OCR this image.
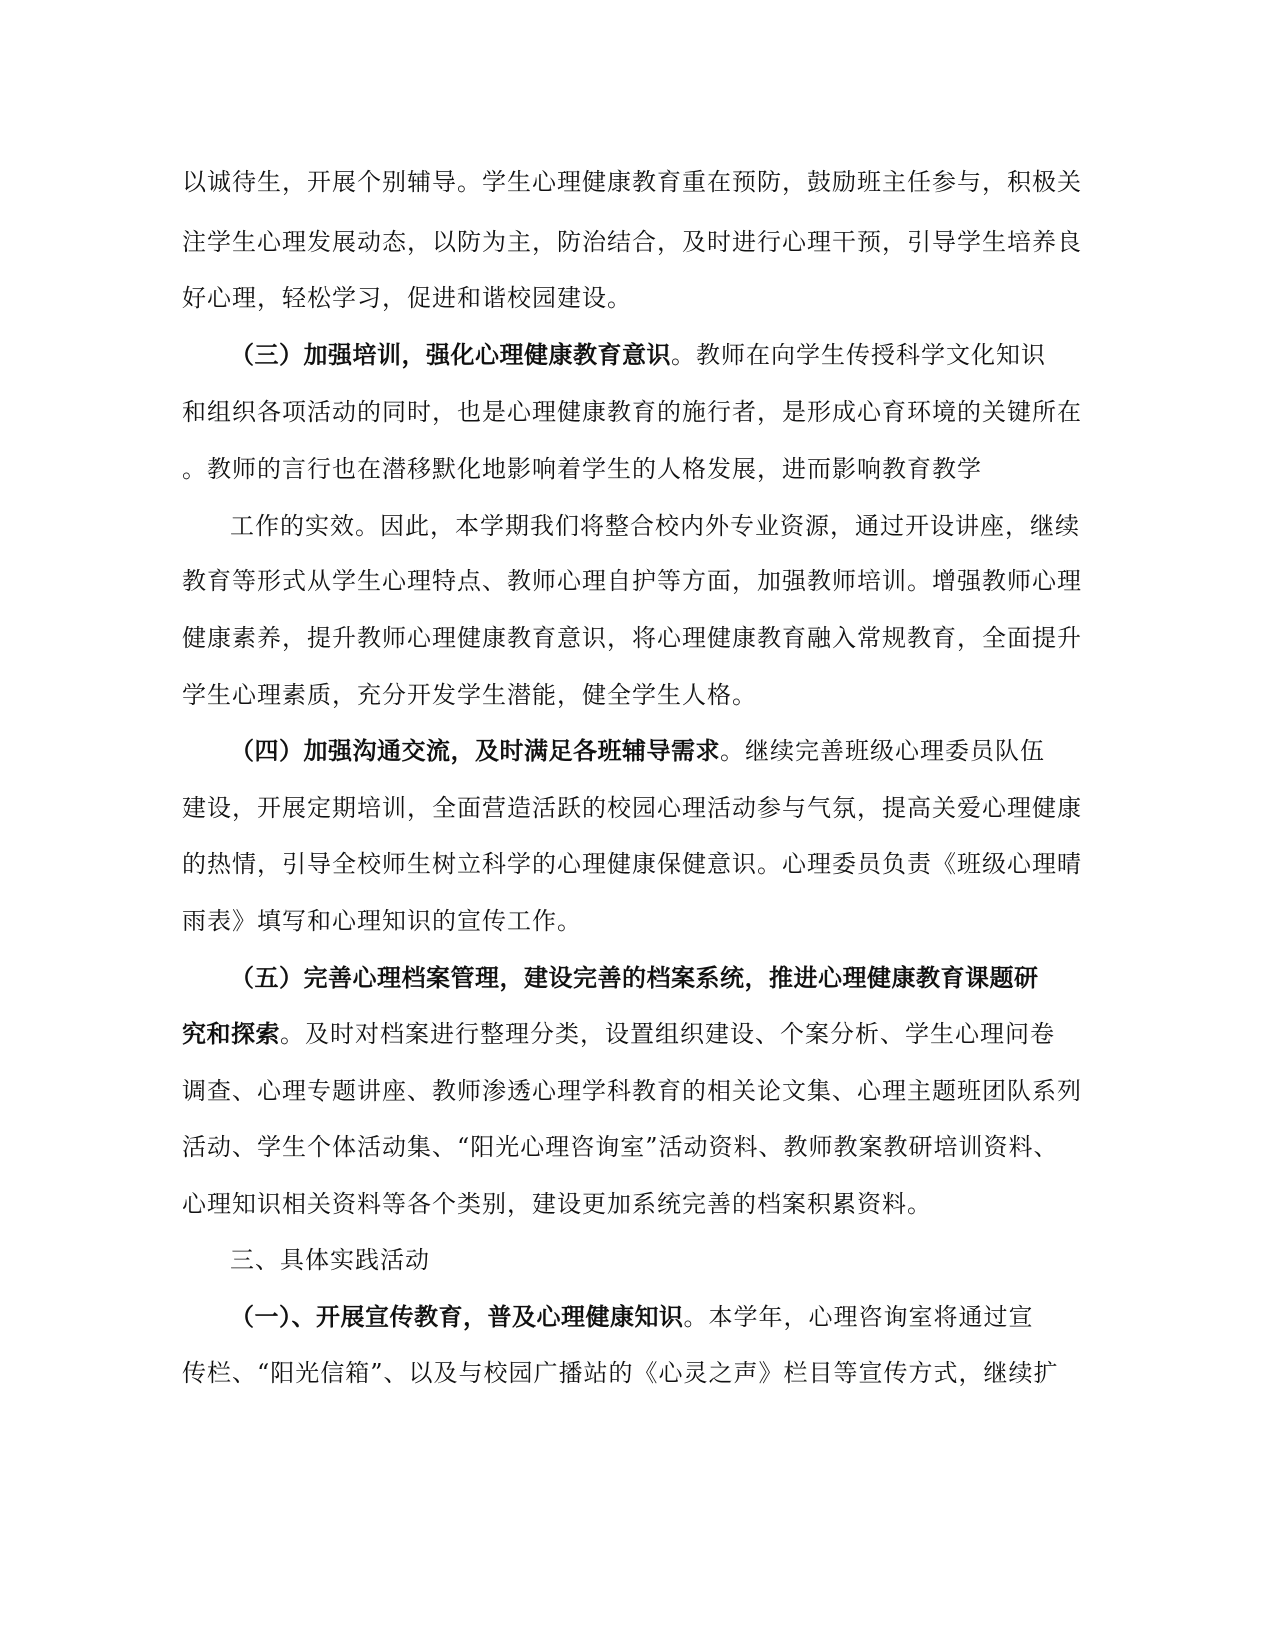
以诚待生，开展个别辅导。学生心理健康教育重在预防，鼓励班主任参与，积极关
注学生心理发展动态，以防为主，防治结合，及时进行心理干预，引导学生培养良
好心理，轻松学习，促进和谐校园建设。
（三）加强培训，强化心理健康教育意识。教师在向学生传授科学文化知识
和组织各项活动的同时，也是心理健康教育的施行者，是形成心育环境的关键所在
。教师的言行也在潜移默化地影响着学生的人格发展，进而影响教育教学
工作的实效。因此，本学期我们将整合校内外专业资源，通过开设讲座，继续
教育等形式从学生心理特点、教师心理自护等方面，加强教师培训。增强教师心理
健康素养，提升教师心理健康教育意识，将心理健康教育融入常规教育，全面提升
学生心理素质，充分开发学生潜能，健全学生人格。
（四）加强沟通交流，及时满足各班辅导需求。继续完善班级心理委员队伍
建设，开展定期培训，全面营造活跃的校园心理活动参与气氛，提高关爱心理健康
的热情，引导全校师生树立科学的心理健康保健意识。心理委员负责《班级心理晴
雨表》填写和心理知识的宣传工作。
（五）完善心理档案管理，建设完善的档案系统，推进心理健康教育课题研
究和探索。及时对档案进行整理分类，设置组织建设、个案分析、学生心理问卷
调查、心理专题讲座、教师渗透心理学科教育的相关论文集、心理主题班团队系列
活动、学生个体活动集、“阳光心理咨询室”活动资料、教师教案教研培训资料、
心理知识相关资料等各个类别，建设更加系统完善的档案积累资料。
三、具体实践活动
（一）、开展宣传教育，普及心理健康知识。本学年，心理咨询室将通过宣
传栏、“阳光信箱”、以及与校园广播站的《心灵之声》栏目等宣传方式，继续扩
